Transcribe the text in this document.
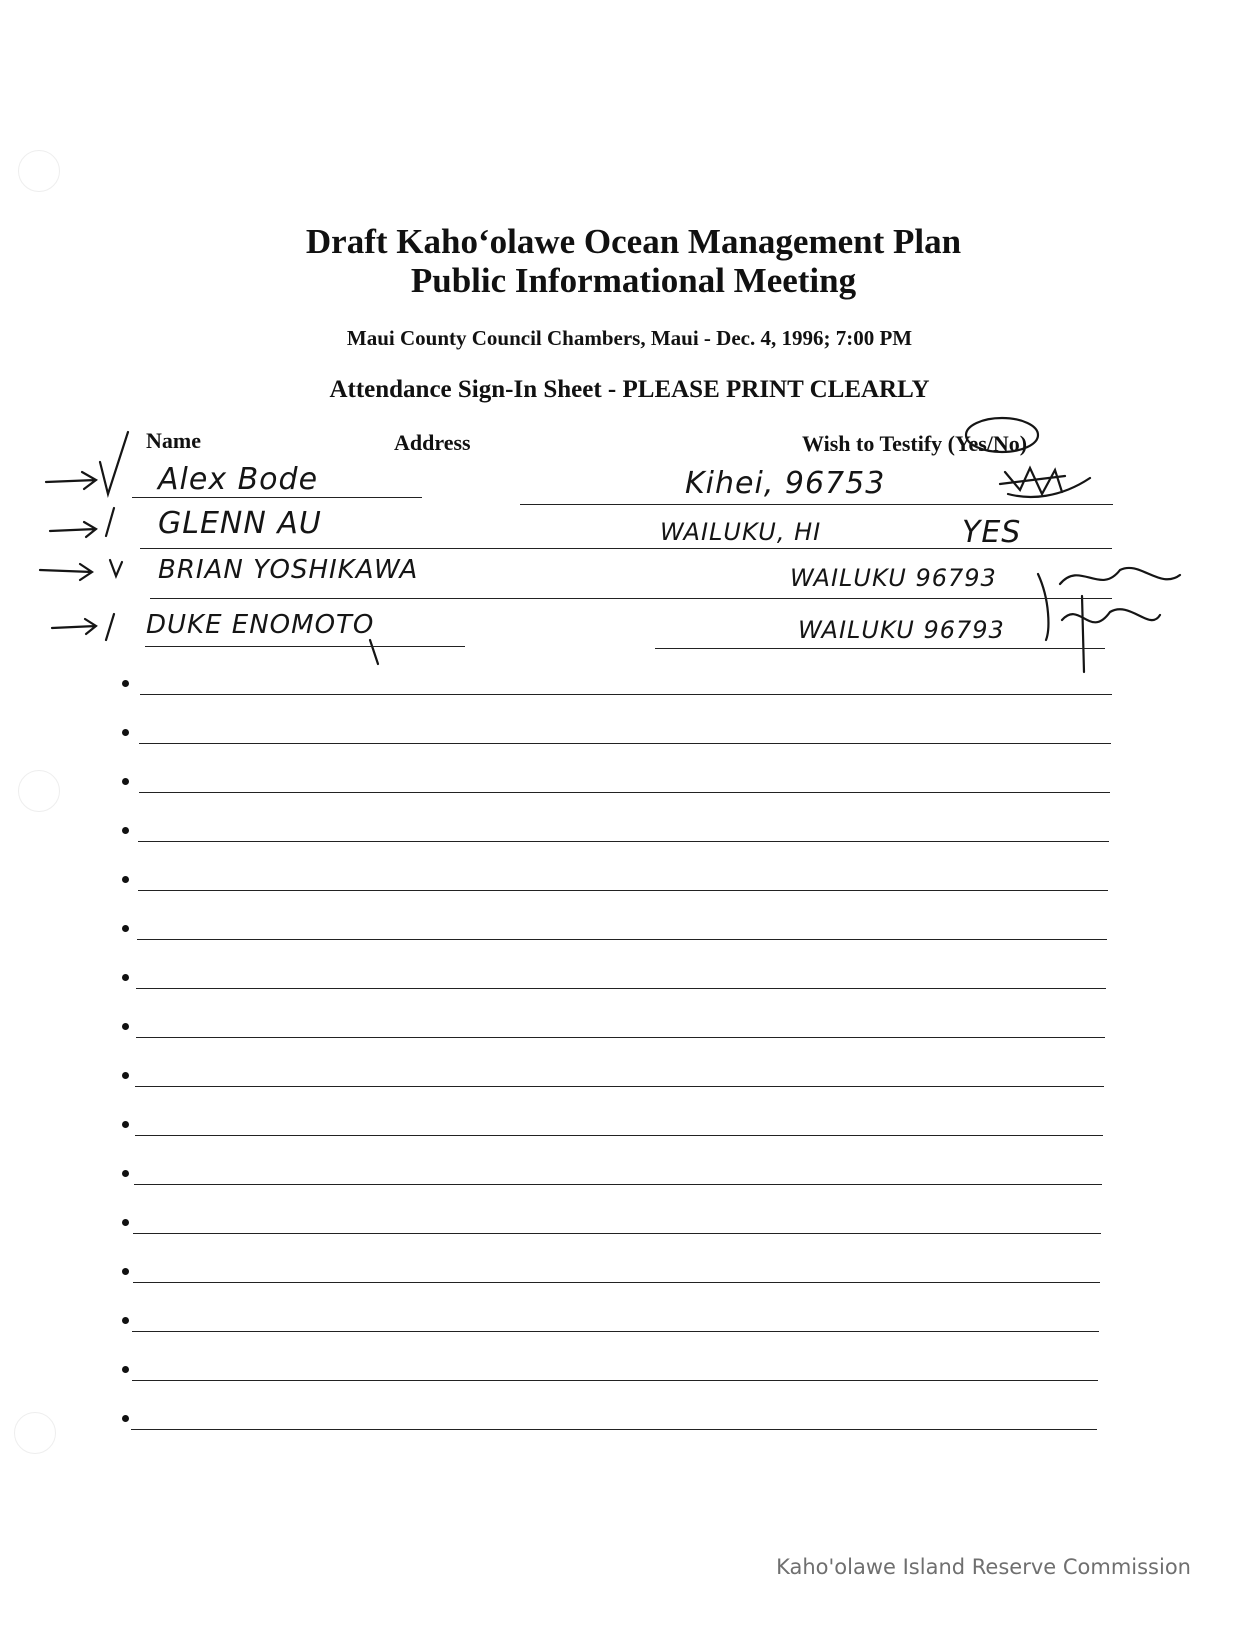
Draft Kaho‘olawe Ocean Management Plan
Public Informational Meeting
Maui County Council Chambers, Maui - Dec. 4, 1996; 7:00 PM
Attendance Sign-In Sheet - PLEASE PRINT CLEARLY
Name	Address	Wish to Testify (Yes/No)
Alex Bode	Kihei, 96753
GLENN AU	WAILUKU, HI	YES
BRIAN YOSHIKAWA	WAILUKU 96793
DUKE ENOMOTO	WAILUKU 96793
Kaho'olawe Island Reserve Commission
